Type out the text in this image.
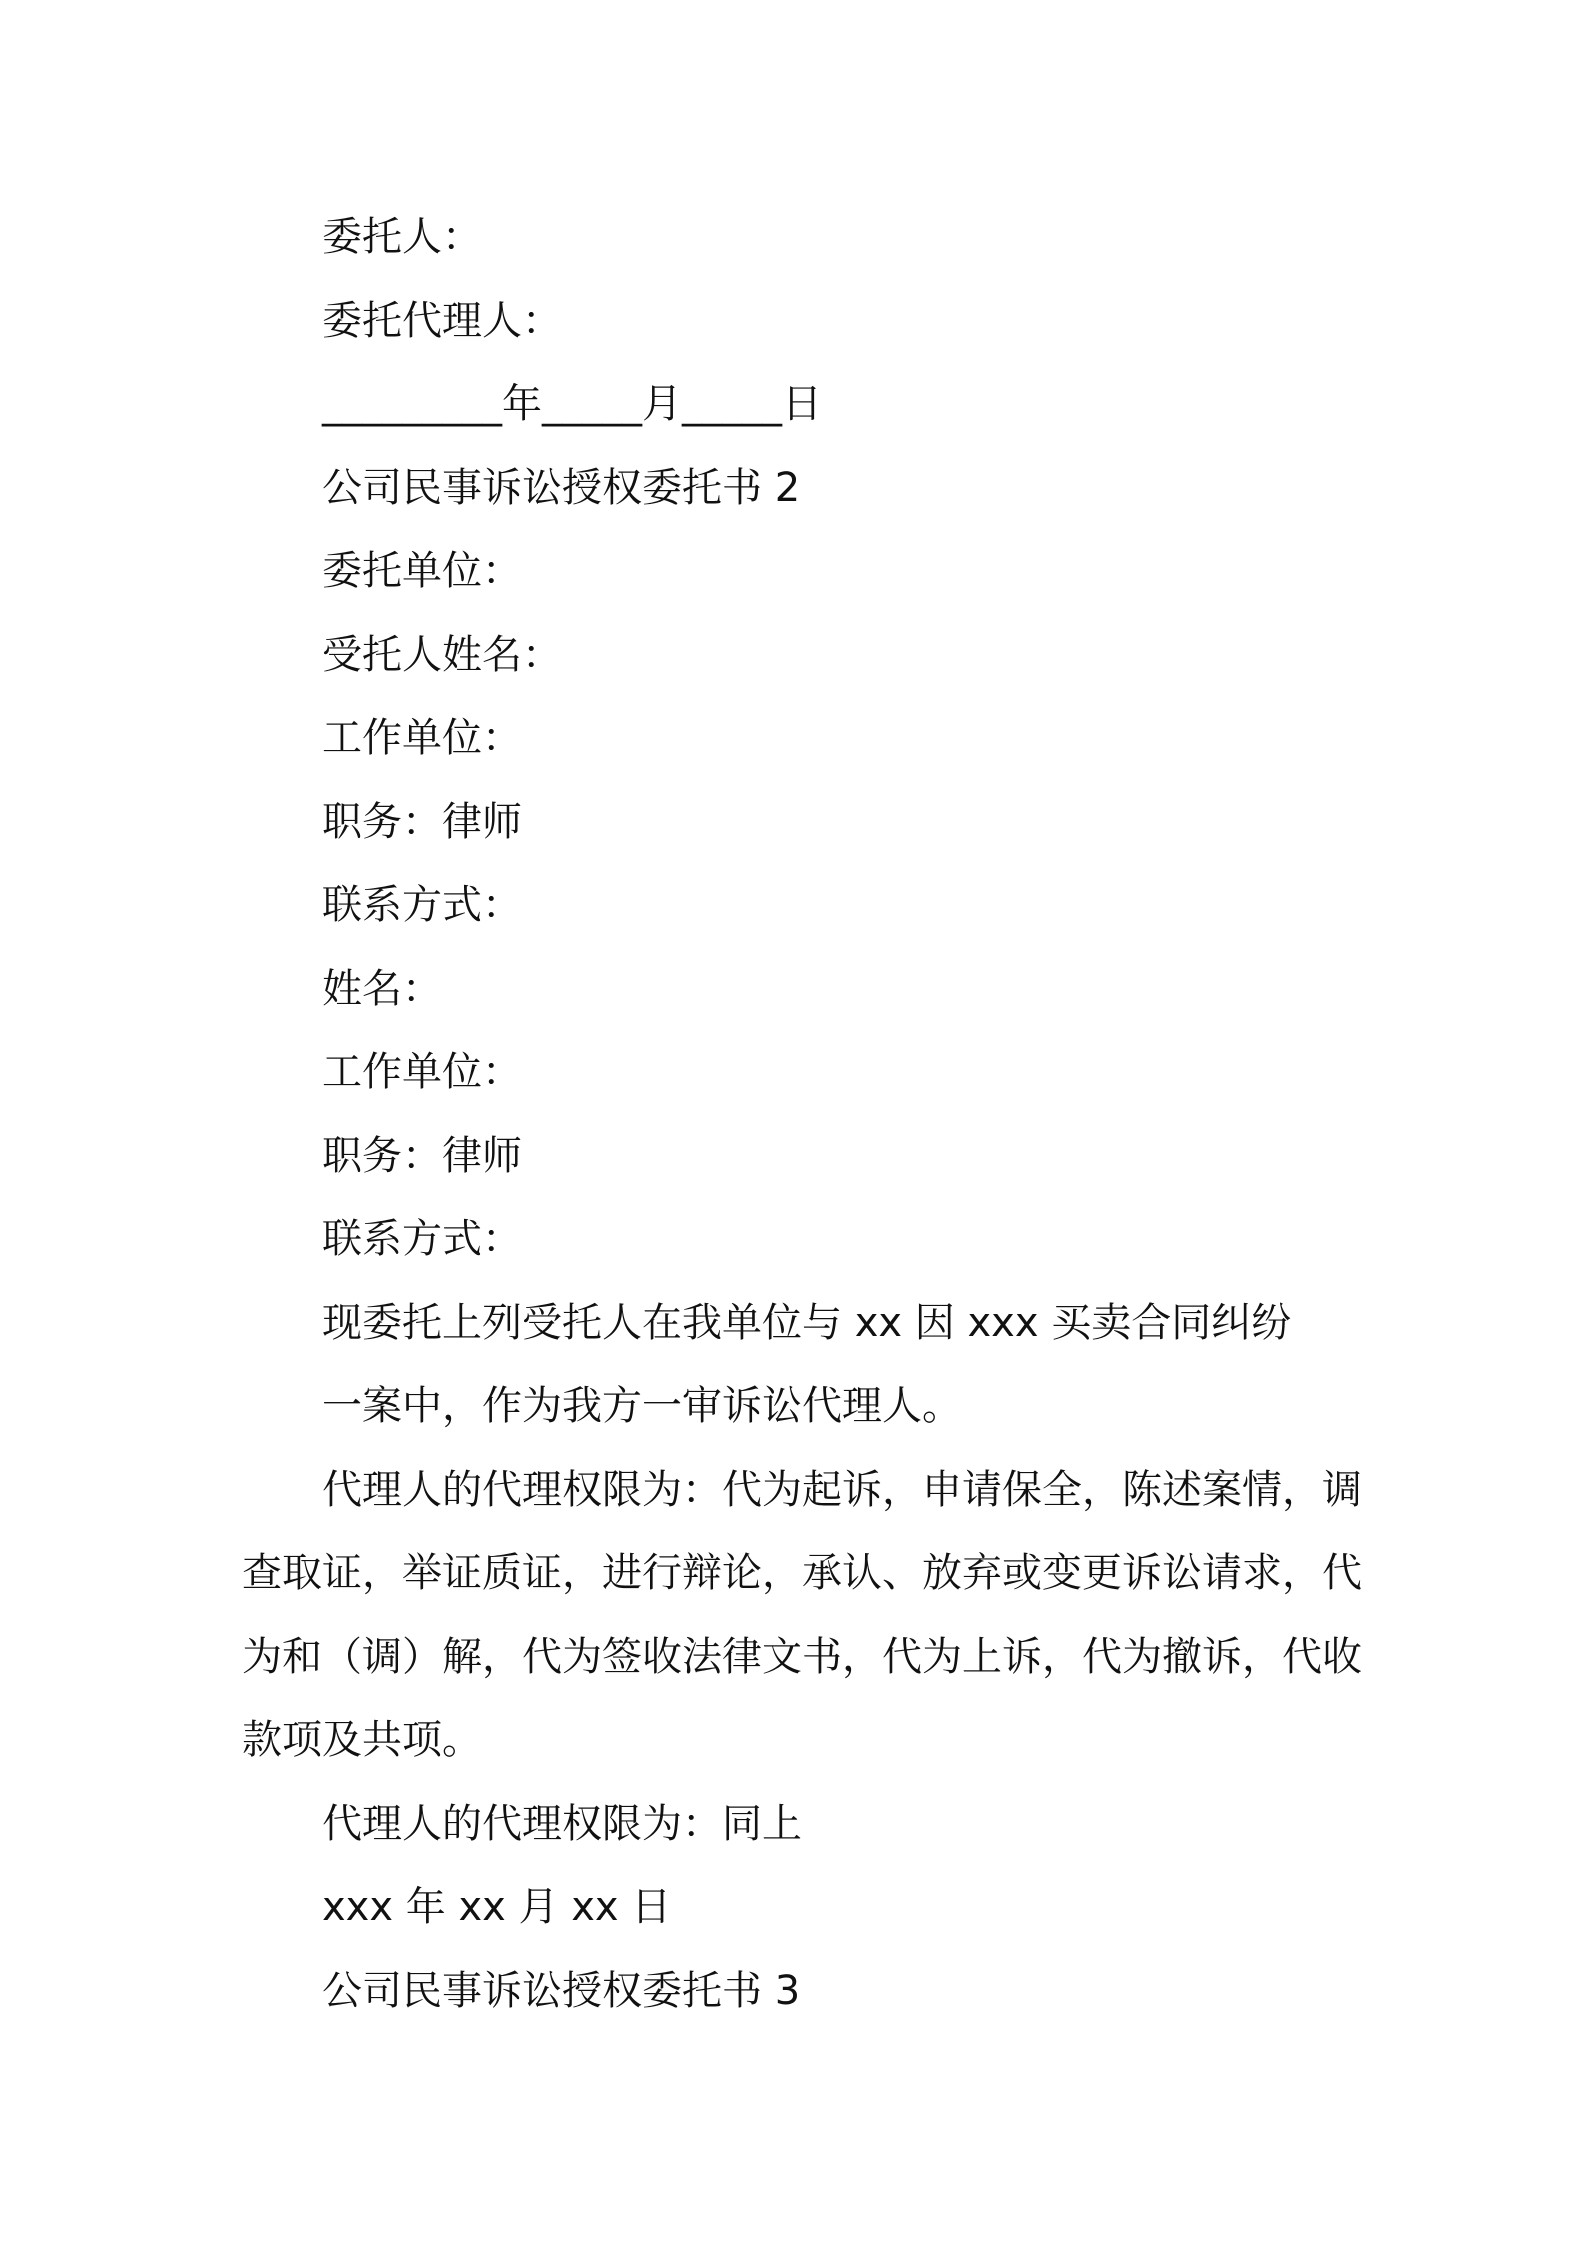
委托人：

委托代理人：

_________年_____月_____日

公司民事诉讼授权委托书 2

委托单位：

受托人姓名：

工作单位：

职务：律师

联系方式：

姓名：

工作单位：

职务：律师

联系方式：

现委托上列受托人在我单位与 xx 因 xxx 买卖合同纠纷

一案中，作为我方一审诉讼代理人。

代理人的代理权限为：代为起诉，申请保全，陈述案情，调查取证，举证质证，进行辩论，承认、放弃或变更诉讼请求，代为和（调）解，代为签收法律文书，代为上诉，代为撤诉，代收款项及共项。

代理人的代理权限为：同上

xxx 年 xx 月 xx 日

公司民事诉讼授权委托书 3
